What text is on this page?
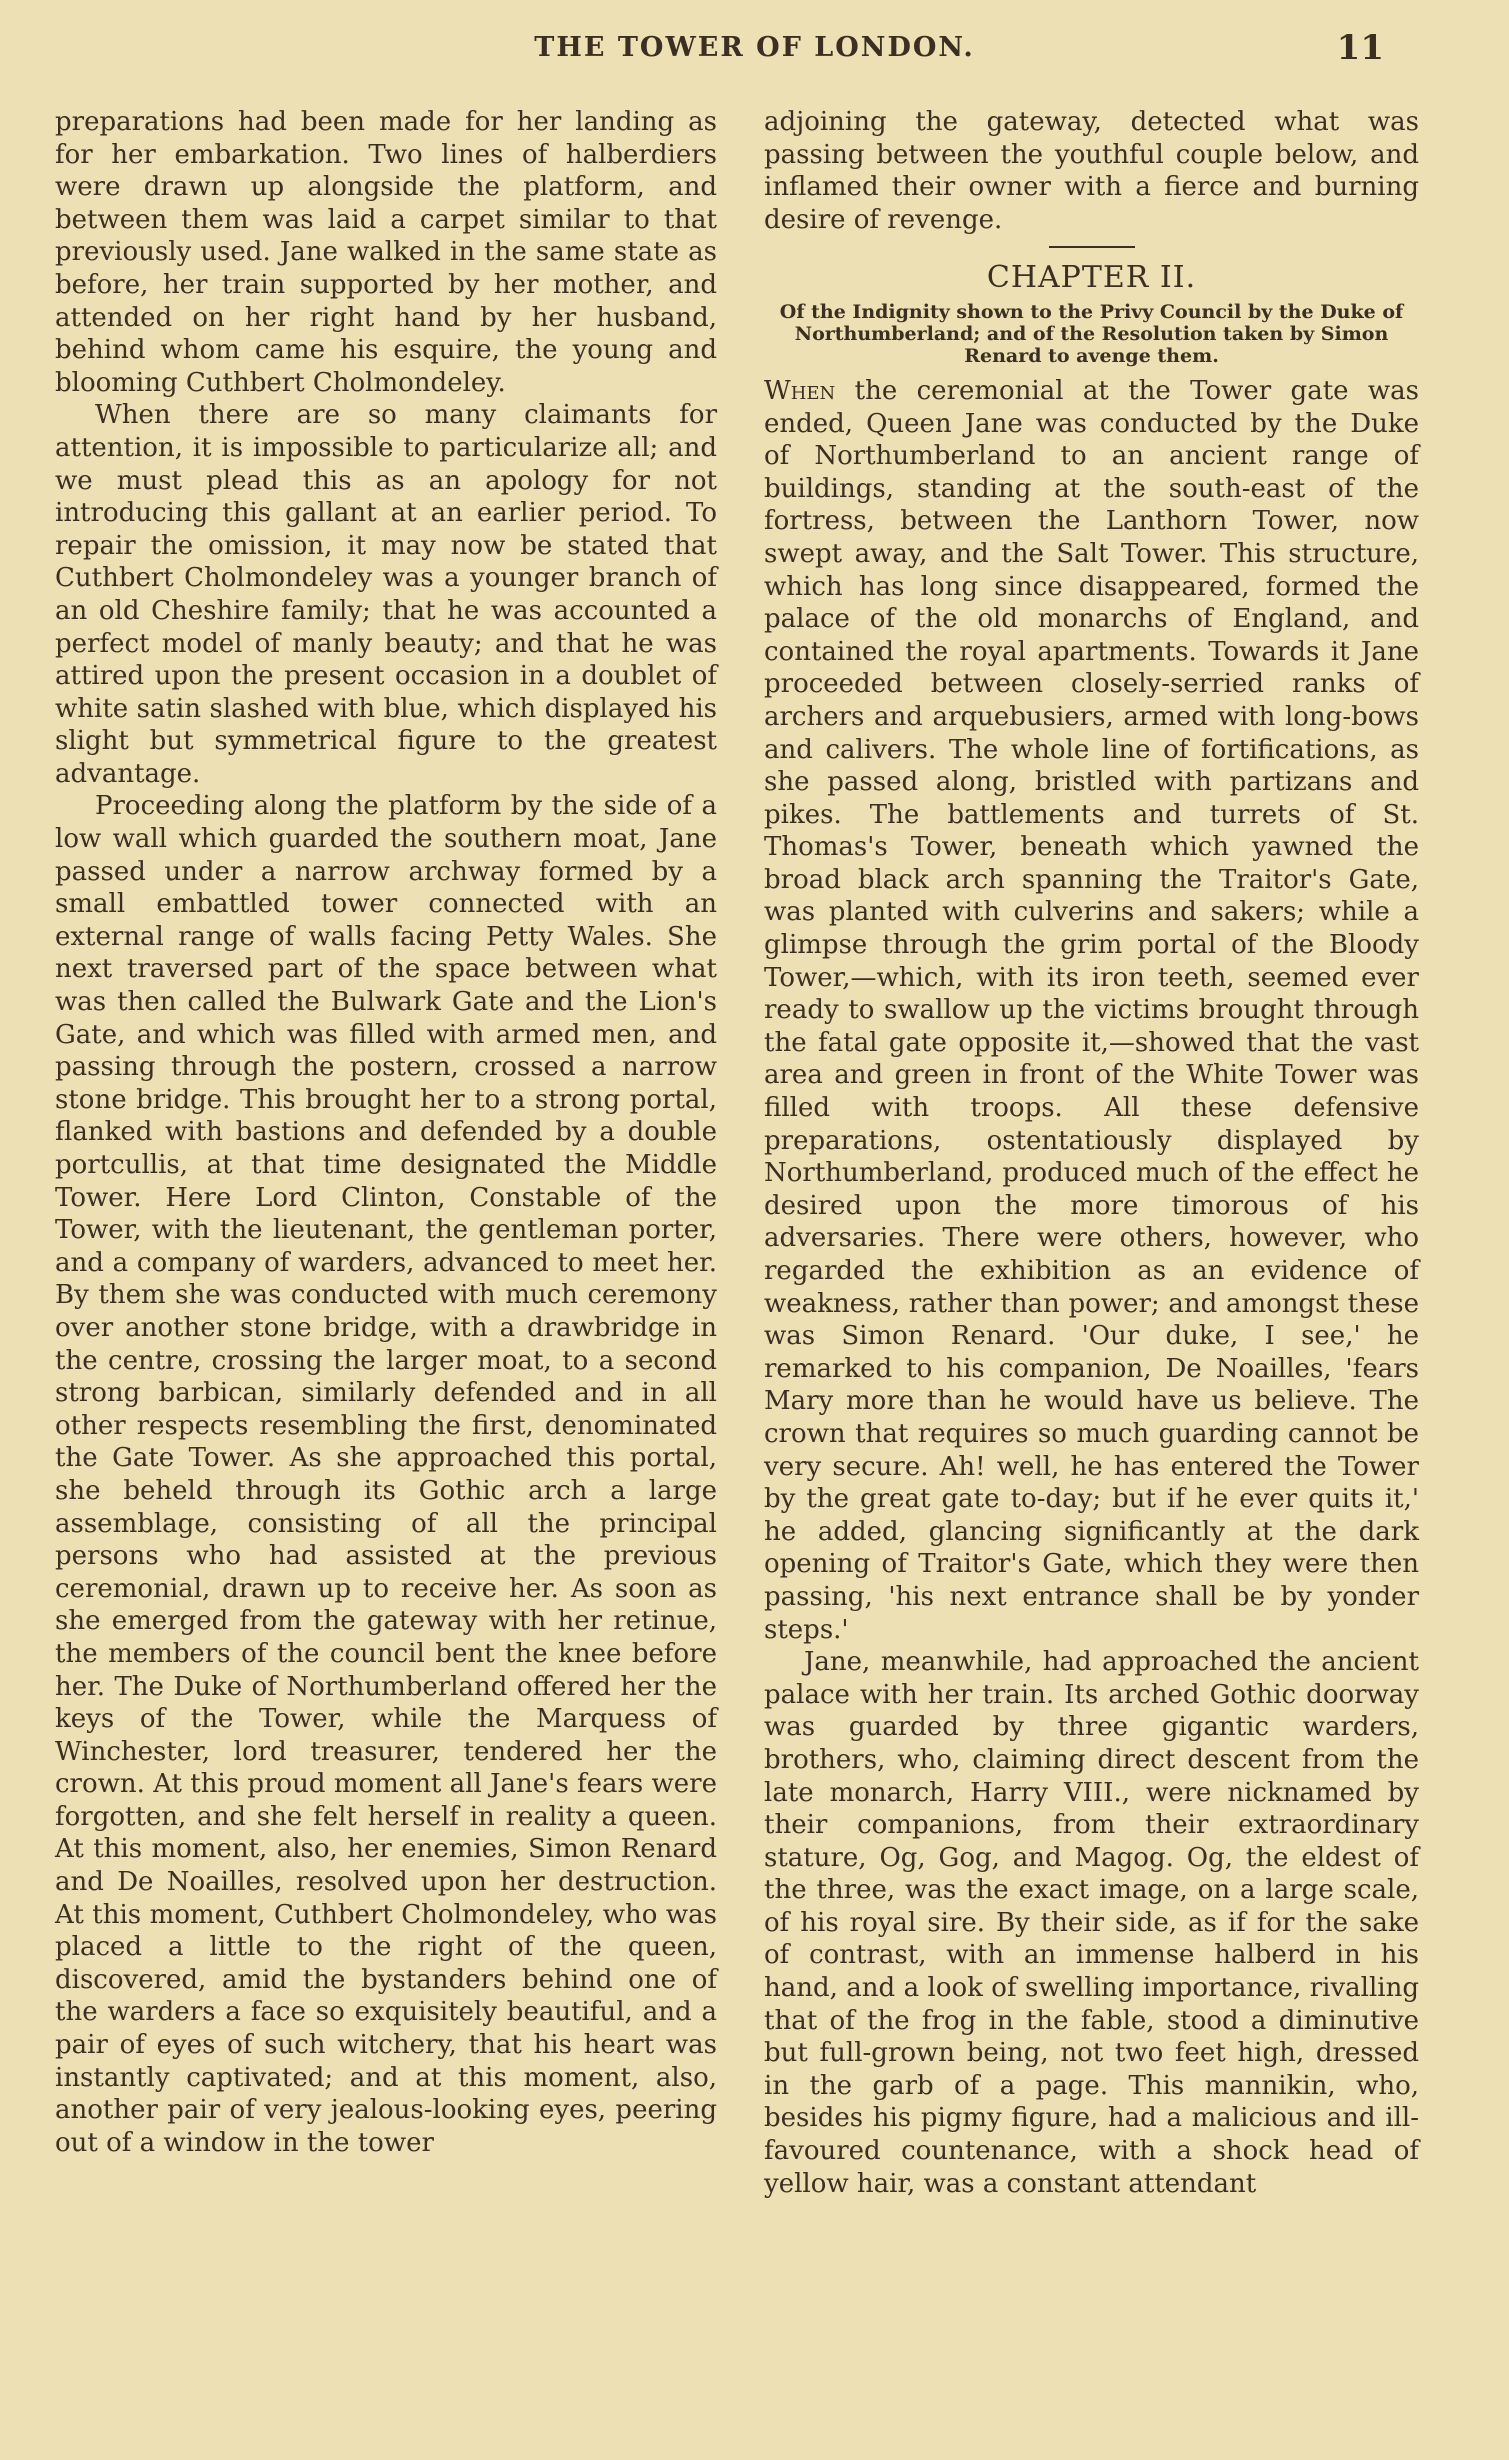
THE TOWER OF LONDON.	11

preparations had been made for her landing as for her embarkation. Two lines of halberdiers were drawn up alongside the platform, and between them was laid a carpet similar to that previously used. Jane walked in the same state as before, her train supported by her mother, and attended on her right hand by her husband, behind whom came his esquire, the young and blooming Cuthbert Cholmondeley.

When there are so many claimants for attention, it is impossible to particularize all; and we must plead this as an apology for not introducing this gallant at an earlier period. To repair the omission, it may now be stated that Cuthbert Cholmondeley was a younger branch of an old Cheshire family; that he was accounted a perfect model of manly beauty; and that he was attired upon the present occasion in a doublet of white satin slashed with blue, which displayed his slight but symmetrical figure to the greatest advantage.

Proceeding along the platform by the side of a low wall which guarded the southern moat, Jane passed under a narrow archway formed by a small embattled tower connected with an external range of walls facing Petty Wales. She next traversed part of the space between what was then called the Bulwark Gate and the Lion's Gate, and which was filled with armed men, and passing through the postern, crossed a narrow stone bridge. This brought her to a strong portal, flanked with bastions and defended by a double portcullis, at that time designated the Middle Tower. Here Lord Clinton, Constable of the Tower, with the lieutenant, the gentleman porter, and a company of warders, advanced to meet her. By them she was conducted with much ceremony over another stone bridge, with a drawbridge in the centre, crossing the larger moat, to a second strong barbican, similarly defended and in all other respects resembling the first, denominated the Gate Tower. As she approached this portal, she beheld through its Gothic arch a large assemblage, consisting of all the principal persons who had assisted at the previous ceremonial, drawn up to receive her. As soon as she emerged from the gateway with her retinue, the members of the council bent the knee before her. The Duke of Northumberland offered her the keys of the Tower, while the Marquess of Winchester, lord treasurer, tendered her the crown. At this proud moment all Jane's fears were forgotten, and she felt herself in reality a queen. At this moment, also, her enemies, Simon Renard and De Noailles, resolved upon her destruction. At this moment, Cuthbert Cholmondeley, who was placed a little to the right of the queen, discovered, amid the bystanders behind one of the warders a face so exquisitely beautiful, and a pair of eyes of such witchery, that his heart was instantly captivated; and at this moment, also, another pair of very jealous-looking eyes, peering out of a window in the tower

adjoining the gateway, detected what was passing between the youthful couple below, and inflamed their owner with a fierce and burning desire of revenge.

CHAPTER II.
Of the Indignity shown to the Privy Council by the Duke of Northumberland; and of the Resolution taken by Simon Renard to avenge them.

When the ceremonial at the Tower gate was ended, Queen Jane was conducted by the Duke of Northumberland to an ancient range of buildings, standing at the south-east of the fortress, between the Lanthorn Tower, now swept away, and the Salt Tower. This structure, which has long since disappeared, formed the palace of the old monarchs of England, and contained the royal apartments. Towards it Jane proceeded between closely-serried ranks of archers and arquebusiers, armed with long-bows and calivers. The whole line of fortifications, as she passed along, bristled with partizans and pikes. The battlements and turrets of St. Thomas's Tower, beneath which yawned the broad black arch spanning the Traitor's Gate, was planted with culverins and sakers; while a glimpse through the grim portal of the Bloody Tower,—which, with its iron teeth, seemed ever ready to swallow up the victims brought through the fatal gate opposite it,—showed that the vast area and green in front of the White Tower was filled with troops. All these defensive preparations, ostentatiously displayed by Northumberland, produced much of the effect he desired upon the more timorous of his adversaries. There were others, however, who regarded the exhibition as an evidence of weakness, rather than power; and amongst these was Simon Renard. 'Our duke, I see,' he remarked to his companion, De Noailles, 'fears Mary more than he would have us believe. The crown that requires so much guarding cannot be very secure. Ah! well, he has entered the Tower by the great gate to-day; but if he ever quits it,' he added, glancing significantly at the dark opening of Traitor's Gate, which they were then passing, 'his next entrance shall be by yonder steps.'

Jane, meanwhile, had approached the ancient palace with her train. Its arched Gothic doorway was guarded by three gigantic warders, brothers, who, claiming direct descent from the late monarch, Harry VIII., were nicknamed by their companions, from their extraordinary stature, Og, Gog, and Magog. Og, the eldest of the three, was the exact image, on a large scale, of his royal sire. By their side, as if for the sake of contrast, with an immense halberd in his hand, and a look of swelling importance, rivalling that of the frog in the fable, stood a diminutive but full-grown being, not two feet high, dressed in the garb of a page. This mannikin, who, besides his pigmy figure, had a malicious and ill-favoured countenance, with a shock head of yellow hair, was a constant attendant
